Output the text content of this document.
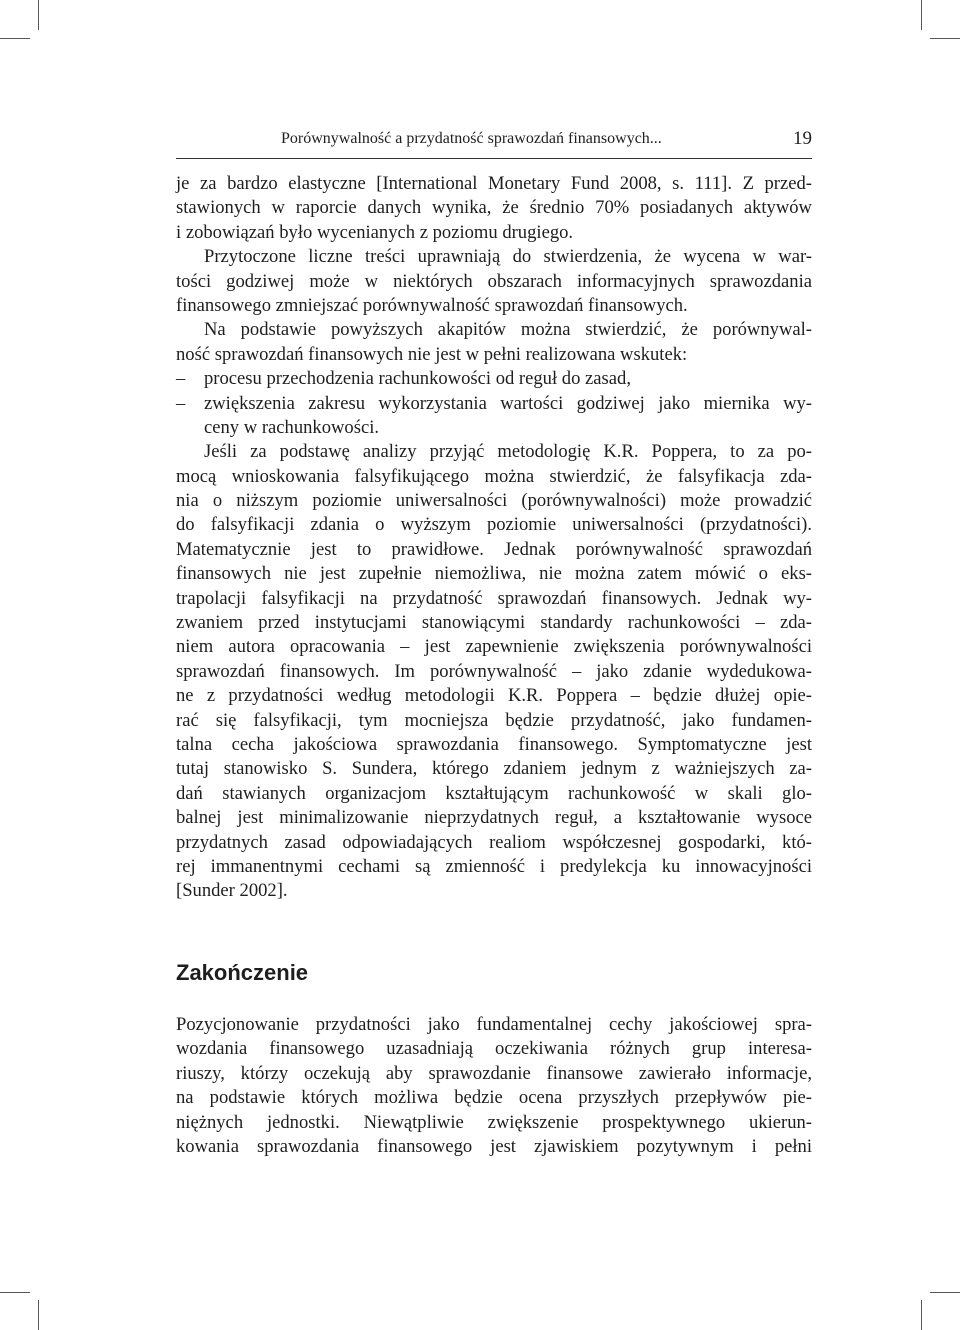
Porównywalność a przydatność sprawozdań finansowych...	19
je za bardzo elastyczne [International Monetary Fund 2008, s. 111]. Z przed-
stawionych w raporcie danych wynika, że średnio 70% posiadanych aktywów
i zobowiązań było wycenianych z poziomu drugiego.
Przytoczone liczne treści uprawniają do stwierdzenia, że wycena w war-
tości godziwej może w niektórych obszarach informacyjnych sprawozdania
finansowego zmniejszać porównywalność sprawozdań finansowych.
Na podstawie powyższych akapitów można stwierdzić, że porównywal-
ność sprawozdań finansowych nie jest w pełni realizowana wskutek:
– procesu przechodzenia rachunkowości od reguł do zasad,
– zwiększenia zakresu wykorzystania wartości godziwej jako miernika wy-
ceny w rachunkowości.
Jeśli za podstawę analizy przyjąć metodologię K.R. Poppera, to za po-
mocą wnioskowania falsyfikującego można stwierdzić, że falsyfikacja zda-
nia o niższym poziomie uniwersalności (porównywalności) może prowadzić
do falsyfikacji zdania o wyższym poziomie uniwersalności (przydatności).
Matematycznie jest to prawidłowe. Jednak porównywalność sprawozdań
finansowych nie jest zupełnie niemożliwa, nie można zatem mówić o eks-
trapolacji falsyfikacji na przydatność sprawozdań finansowych. Jednak wy-
zwaniem przed instytucjami stanowiącymi standardy rachunkowości – zda-
niem autora opracowania – jest zapewnienie zwiększenia porównywalności
sprawozdań finansowych. Im porównywalność – jako zdanie wydedukowa-
ne z przydatności według metodologii K.R. Poppera – będzie dłużej opie-
rać się falsyfikacji, tym mocniejsza będzie przydatność, jako fundamen-
talna cecha jakościowa sprawozdania finansowego. Symptomatyczne jest
tutaj stanowisko S. Sundera, którego zdaniem jednym z ważniejszych za-
dań stawianych organizacjom kształtującym rachunkowość w skali glo-
balnej jest minimalizowanie nieprzydatnych reguł, a kształtowanie wysoce
przydatnych zasad odpowiadających realiom współczesnej gospodarki, któ-
rej immanentnymi cechami są zmienność i predylekcja ku innowacyjności
[Sunder 2002].
Zakończenie
Pozycjonowanie przydatności jako fundamentalnej cechy jakościowej spra-
wozdania finansowego uzasadniają oczekiwania różnych grup interesa-
riuszy, którzy oczekują aby sprawozdanie finansowe zawierało informacje,
na podstawie których możliwa będzie ocena przyszłych przepływów pie-
niężnych jednostki. Niewątpliwie zwiększenie prospektywnego ukierun-
kowania sprawozdania finansowego jest zjawiskiem pozytywnym i pełni
